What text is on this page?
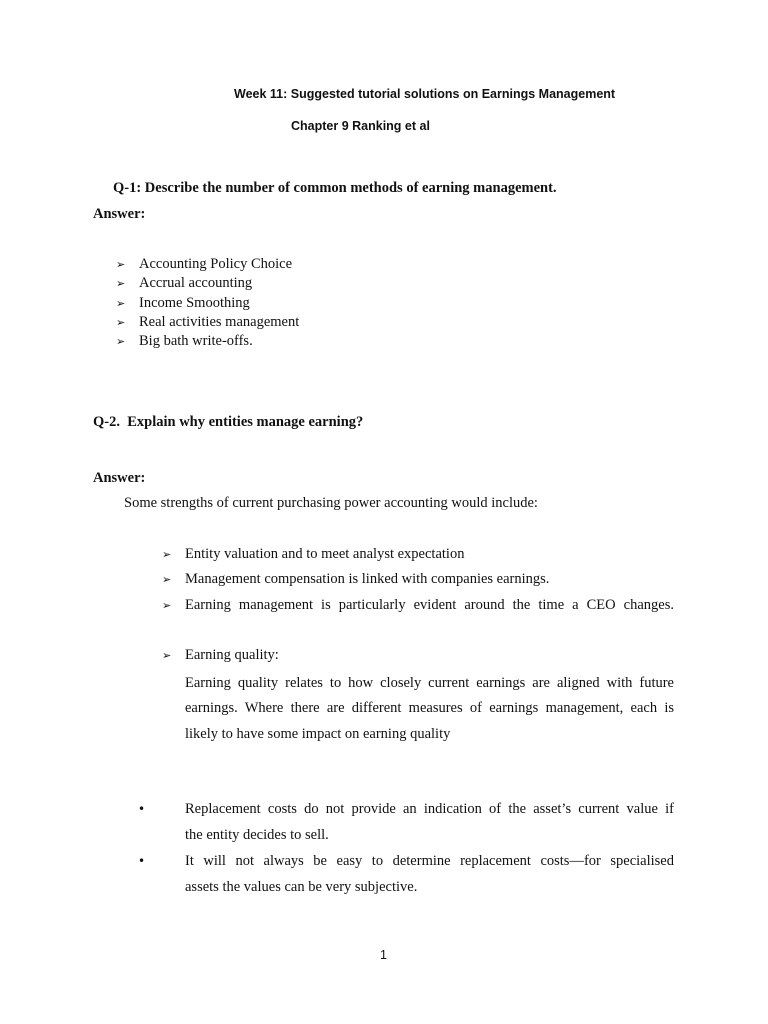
Week 11: Suggested tutorial solutions on Earnings Management
Chapter 9 Ranking et al
Q-1: Describe the number of common methods of earning management.
Answer:
➢ Accounting Policy Choice
➢ Accrual accounting
➢ Income Smoothing
➢ Real activities management
➢ Big bath write-offs.
Q-2.  Explain why entities manage earning?
Answer:
Some strengths of current purchasing power accounting would include:
➢ Entity valuation and to meet analyst expectation
➢ Management compensation is linked with companies earnings.
➢ Earning management is particularly evident around the time a CEO changes.
➢ Earning quality:
Earning quality relates to how closely current earnings are aligned with future
earnings. Where there are different measures of earnings management, each is
likely to have some impact on earning quality
•	Replacement costs do not provide an indication of the asset’s current value if
the entity decides to sell.
•	It will not always be easy to determine replacement costs—for specialised
assets the values can be very subjective.
1
